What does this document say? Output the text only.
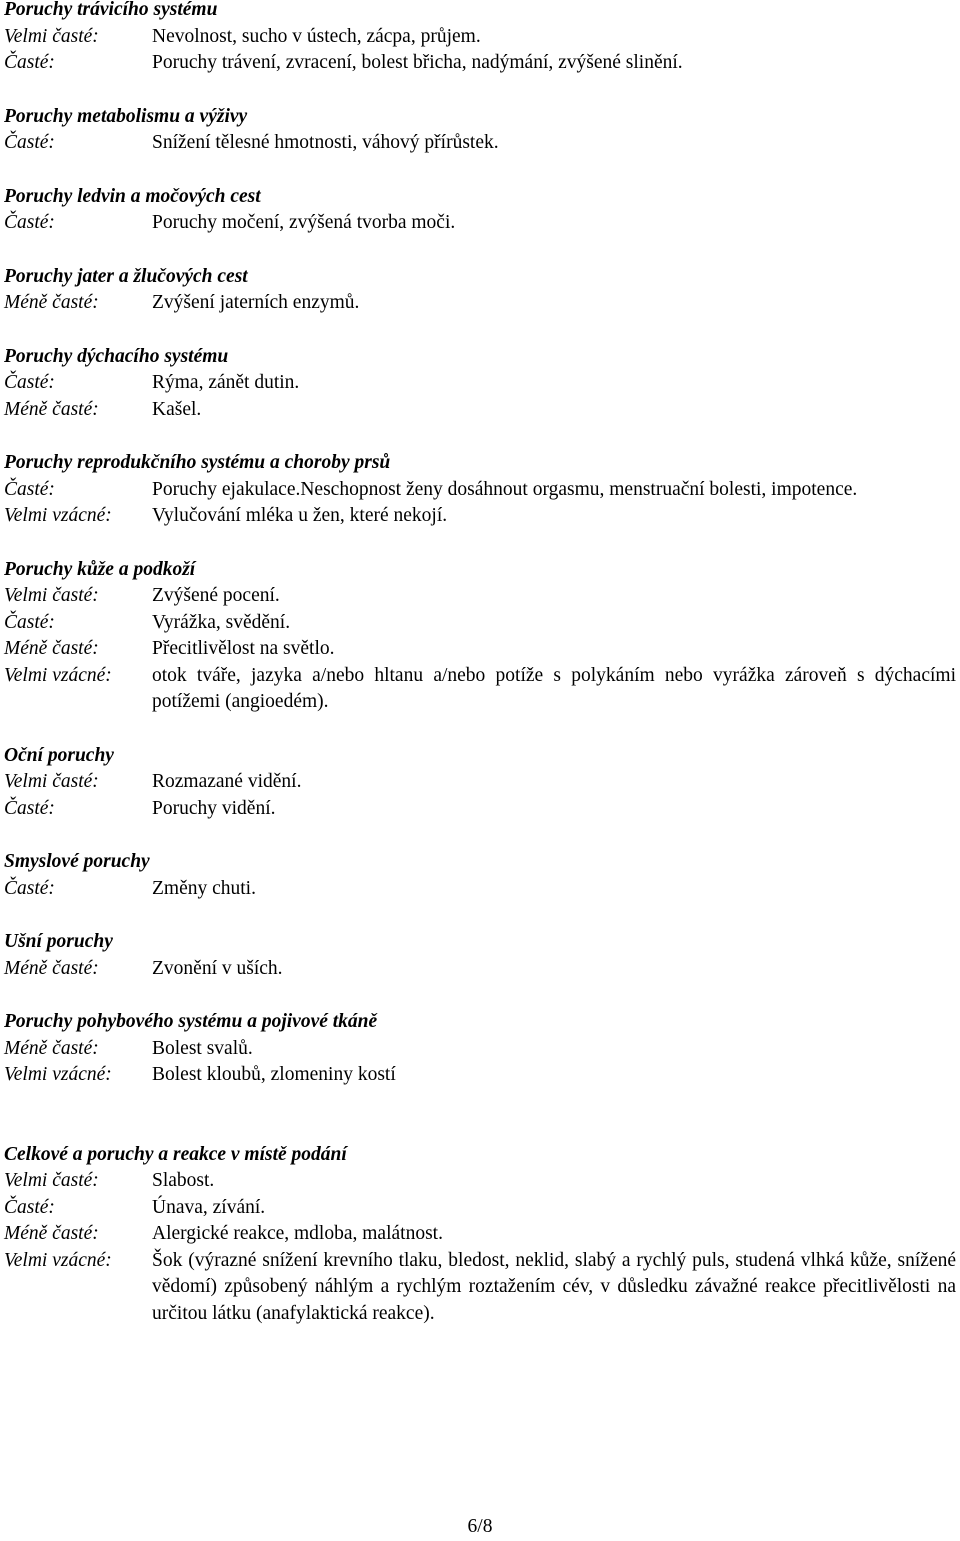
Poruchy trávicího systému
Velmi časté:	Nevolnost, sucho v ústech, zácpa, průjem.
Časté:	Poruchy trávení, zvracení, bolest břicha, nadýmání, zvýšené slinění.
Poruchy metabolismu a výživy
Časté:	Snížení tělesné hmotnosti, váhový přírůstek.
Poruchy ledvin a močových cest
Časté:	Poruchy močení, zvýšená tvorba moči.
Poruchy jater a žlučových cest
Méně časté:	Zvýšení jaterních enzymů.
Poruchy dýchacího systému
Časté:	Rýma, zánět dutin.
Méně časté:	Kašel.
Poruchy reprodukčního systému a choroby prsů
Časté:	Poruchy ejakulace.Neschopnost ženy dosáhnout orgasmu, menstruační bolesti, impotence.
Velmi vzácné:	Vylučování mléka u žen, které nekojí.
Poruchy kůže a podkoží
Velmi časté:	Zvýšené pocení.
Časté:	Vyrážka, svědění.
Méně časté:	Přecitlivělost na světlo.
Velmi vzácné:	otok tváře, jazyka a/nebo hltanu a/nebo potíže s polykáním nebo vyrážka zároveň s dýchacími potížemi (angioedém).
Oční poruchy
Velmi časté:	Rozmazané vidění.
Časté:	Poruchy vidění.
Smyslové poruchy
Časté:	Změny chuti.
Ušní poruchy
Méně časté:	Zvonění v uších.
Poruchy pohybového systému a pojivové tkáně
Méně časté:	Bolest svalů.
Velmi vzácné:	Bolest kloubů, zlomeniny kostí
Celkové a poruchy a reakce v místě podání
Velmi časté:	Slabost.
Časté:	Únava, zívání.
Méně časté:	Alergické reakce, mdloba, malátnost.
Velmi vzácné:	Šok (výrazné snížení krevního tlaku, bledost, neklid, slabý a rychlý puls, studená vlhká kůže, snížené vědomí) způsobený náhlým a rychlým roztažením cév, v důsledku závažné reakce přecitlivělosti na určitou látku (anafylaktická reakce).
6/8
